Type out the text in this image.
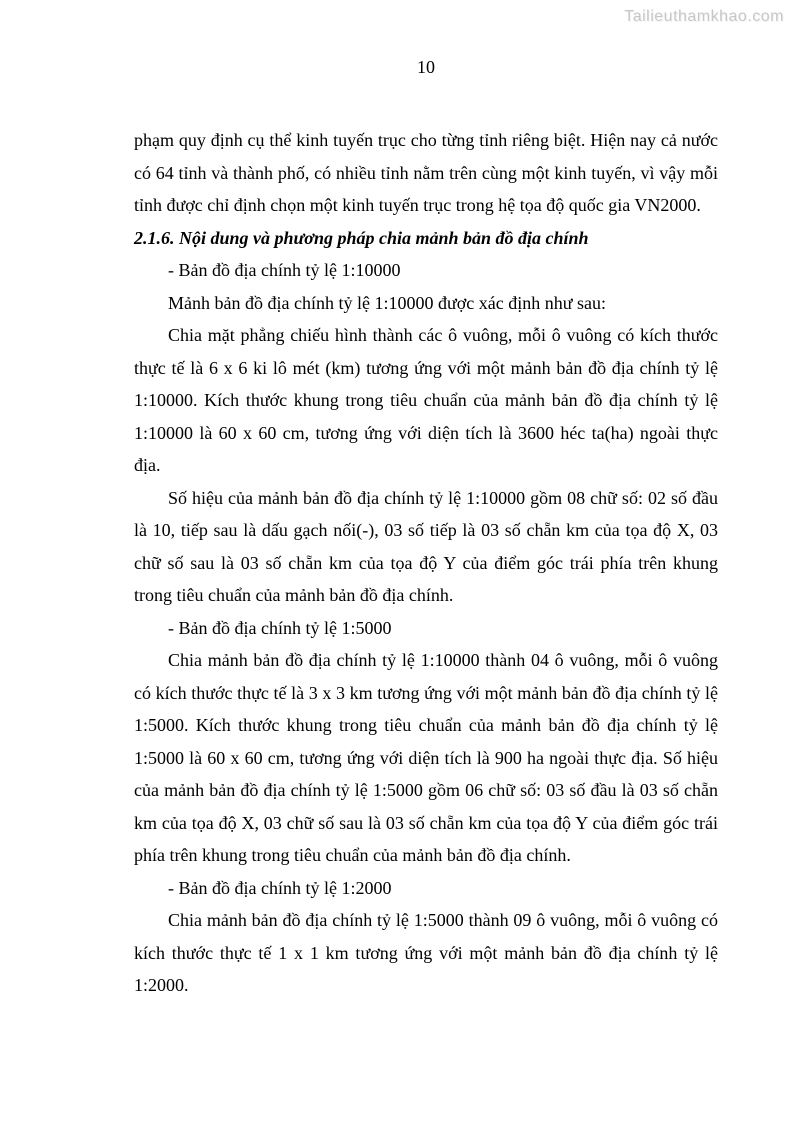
Tailieuthamkhao.com
10

phạm quy định cụ thể kinh tuyến trục cho từng tỉnh riêng biệt. Hiện nay cả nước có 64 tỉnh và thành phố, có nhiều tỉnh nằm trên cùng một kinh tuyến, vì vậy mỗi tỉnh được chỉ định chọn một kinh tuyến trục trong hệ tọa độ quốc gia VN2000.

2.1.6. Nội dung và phương pháp chia mảnh bản đồ địa chính

- Bản đồ địa chính tỷ lệ 1:10000

Mảnh bản đồ địa chính tỷ lệ 1:10000 được xác định như sau:

Chia mặt phẳng chiếu hình thành các ô vuông, mỗi ô vuông có kích thước thực tế là 6 x 6 ki lô mét (km) tương ứng với một mảnh bản đồ địa chính tỷ lệ 1:10000. Kích thước khung trong tiêu chuẩn của mảnh bản đồ địa chính tỷ lệ 1:10000 là 60 x 60 cm, tương ứng với diện tích là 3600 héc ta(ha) ngoài thực địa.

Số hiệu của mảnh bản đồ địa chính tỷ lệ 1:10000 gồm 08 chữ số: 02 số đầu là 10, tiếp sau là dấu gạch nối(-), 03 số tiếp là 03 số chẵn km của tọa độ X, 03 chữ số sau là 03 số chẵn km của tọa độ Y của điểm góc trái phía trên khung trong tiêu chuẩn của mảnh bản đồ địa chính.

- Bản đồ địa chính tỷ lệ 1:5000

Chia mảnh bản đồ địa chính tỷ lệ 1:10000 thành 04 ô vuông, mỗi ô vuông có kích thước thực tế là 3 x 3 km tương ứng với một mảnh bản đồ địa chính tỷ lệ 1:5000. Kích thước khung trong tiêu chuẩn của mảnh bản đồ địa chính tỷ lệ 1:5000 là 60 x 60 cm, tương ứng với diện tích là 900 ha ngoài thực địa. Số hiệu của mảnh bản đồ địa chính tỷ lệ 1:5000 gồm 06 chữ số: 03 số đầu là 03 số chẵn km của tọa độ X, 03 chữ số sau là 03 số chẵn km của tọa độ Y của điểm góc trái phía trên khung trong tiêu chuẩn của mảnh bản đồ địa chính.

- Bản đồ địa chính tỷ lệ 1:2000

Chia mảnh bản đồ địa chính tỷ lệ 1:5000 thành 09 ô vuông, mỗi ô vuông có kích thước thực tế 1 x 1 km tương ứng với một mảnh bản đồ địa chính tỷ lệ 1:2000.
